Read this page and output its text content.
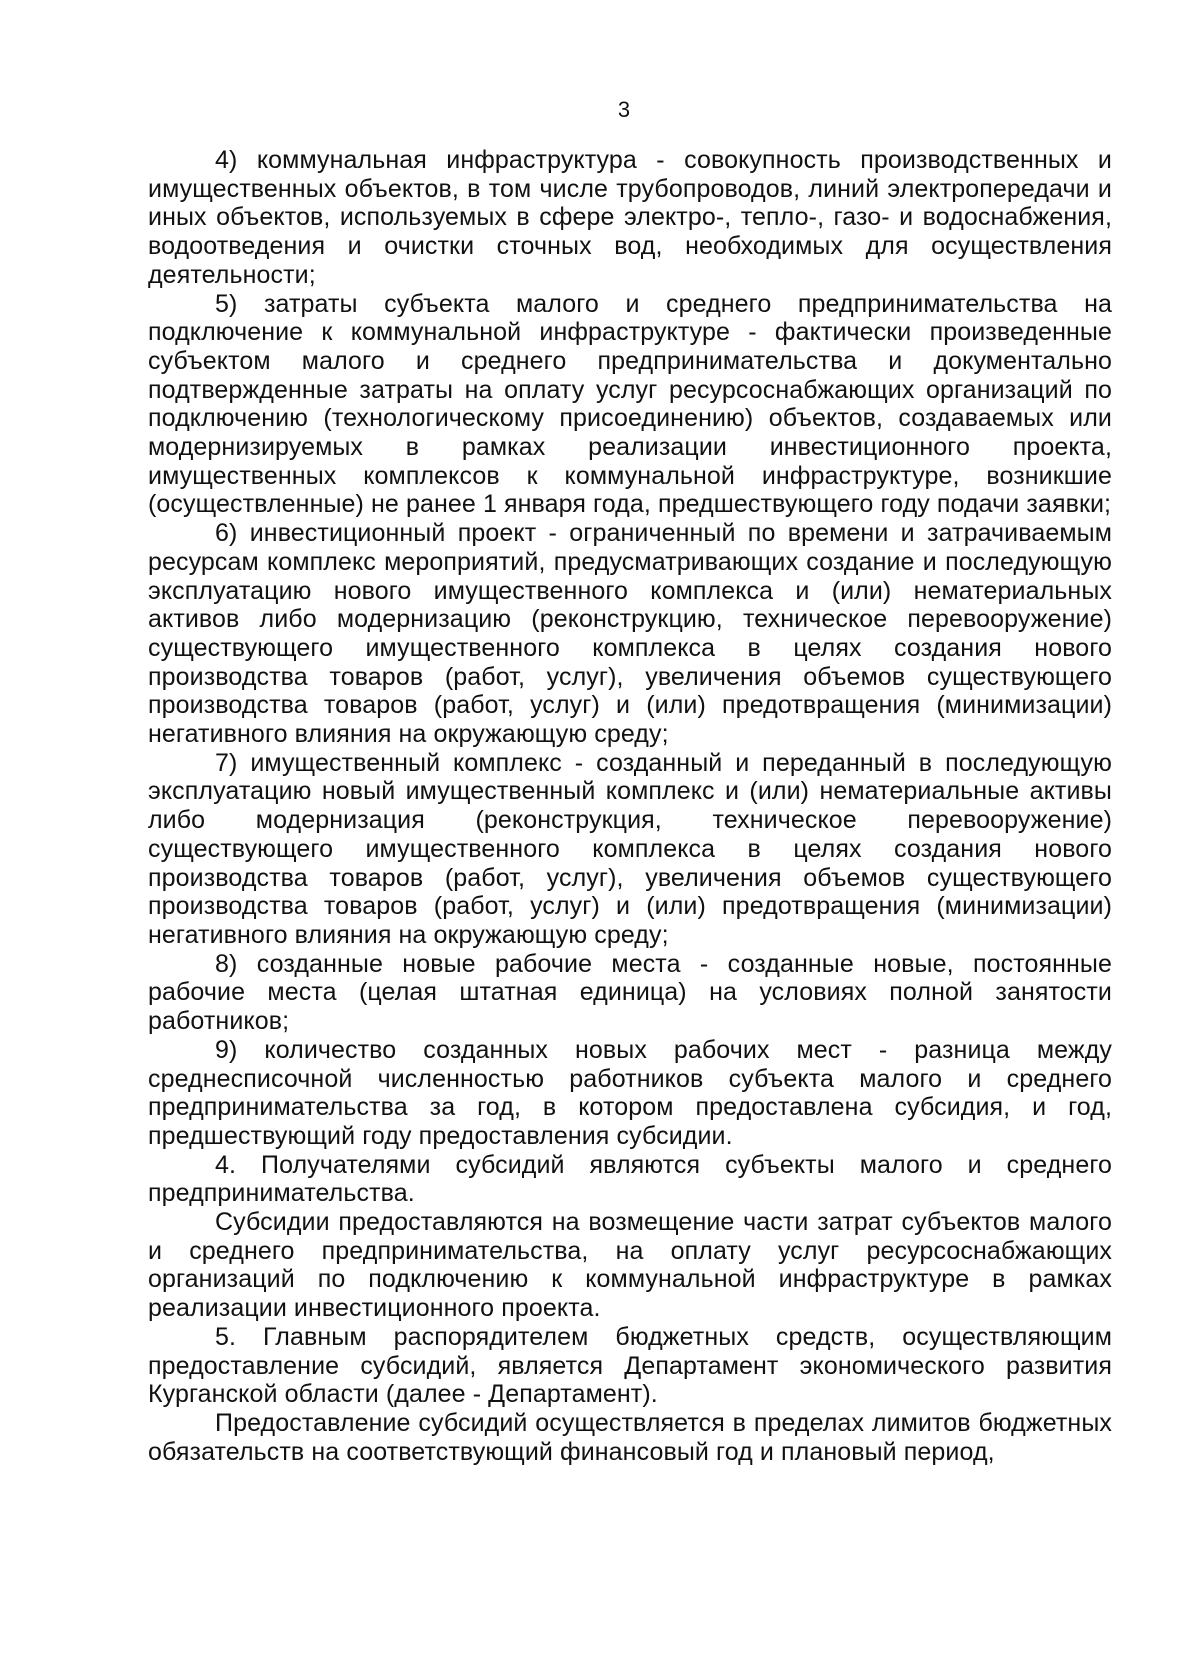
3

4) коммунальная инфраструктура - совокупность производственных и имущественных объектов, в том числе трубопроводов, линий электропередачи и иных объектов, используемых в сфере электро-, тепло-, газо- и водоснабжения, водоотведения и очистки сточных вод, необходимых для осуществления деятельности;

5) затраты субъекта малого и среднего предпринимательства на подключение к коммунальной инфраструктуре - фактически произведенные субъектом малого и среднего предпринимательства и документально подтвержденные затраты на оплату услуг ресурсоснабжающих организаций по подключению (технологическому присоединению) объектов, создаваемых или модернизируемых в рамках реализации инвестиционного проекта, имущественных комплексов к коммунальной инфраструктуре, возникшие (осуществленные) не ранее 1 января года, предшествующего году подачи заявки;

6) инвестиционный проект - ограниченный по времени и затрачиваемым ресурсам комплекс мероприятий, предусматривающих создание и последующую эксплуатацию нового имущественного комплекса и (или) нематериальных активов либо модернизацию (реконструкцию, техническое перевооружение) существующего имущественного комплекса в целях создания нового производства товаров (работ, услуг), увеличения объемов существующего производства товаров (работ, услуг) и (или) предотвращения (минимизации) негативного влияния на окружающую среду;

7) имущественный комплекс - созданный и переданный в последующую эксплуатацию новый имущественный комплекс и (или) нематериальные активы либо модернизация (реконструкция, техническое перевооружение) существующего имущественного комплекса в целях создания нового производства товаров (работ, услуг), увеличения объемов существующего производства товаров (работ, услуг) и (или) предотвращения (минимизации) негативного влияния на окружающую среду;

8) созданные новые рабочие места - созданные новые, постоянные рабочие места (целая штатная единица) на условиях полной занятости работников;

9) количество созданных новых рабочих мест - разница между среднесписочной численностью работников субъекта малого и среднего предпринимательства за год, в котором предоставлена субсидия, и год, предшествующий году предоставления субсидии.

4. Получателями субсидий являются субъекты малого и среднего предпринимательства.

Субсидии предоставляются на возмещение части затрат субъектов малого и среднего предпринимательства, на оплату услуг ресурсоснабжающих организаций по подключению к коммунальной инфраструктуре в рамках реализации инвестиционного проекта.

5. Главным распорядителем бюджетных средств, осуществляющим предоставление субсидий, является Департамент экономического развития Курганской области (далее - Департамент).

Предоставление субсидий осуществляется в пределах лимитов бюджетных обязательств на соответствующий финансовый год и плановый период,
